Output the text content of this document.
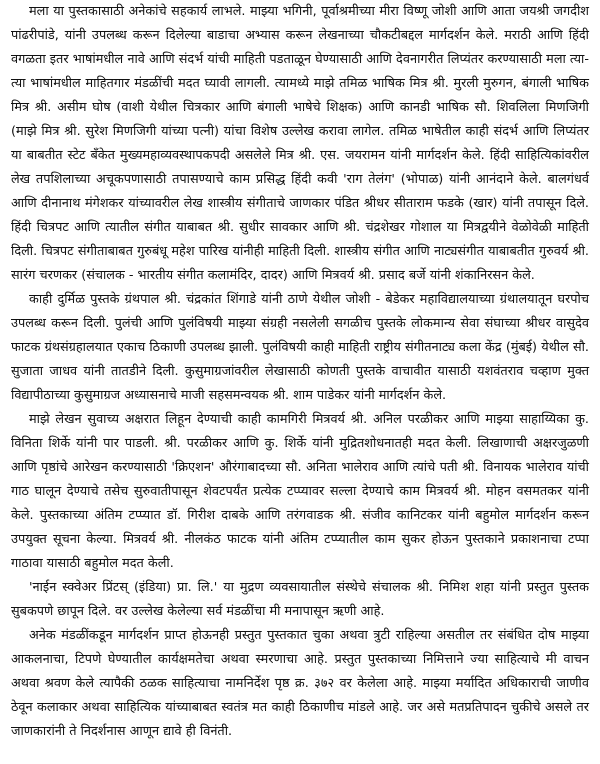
मला या पुस्तकासाठी अनेकांचे सहकार्य लाभले. माझ्या भगिनी, पूर्वाश्रमीच्या मीरा विष्णू जोशी आणि आता जयश्री जगदीश पांढरीपांडे, यांनी उपलब्ध करून दिलेल्या बाडाचा अभ्यास करून लेखनाच्या चौकटीबद्दल मार्गदर्शन केले. मराठी आणि हिंदी वगळता इतर भाषांमधील नावे आणि संदर्भ यांची माहिती पडताळून घेण्यासाठी आणि देवनागरीत लिप्यंतर करण्यासाठी मला त्या-त्या भाषांमधील माहितगार मंडळींची मदत घ्यावी लागली. त्यामध्ये माझे तमिळ भाषिक मित्र श्री. मुरली मुरुगन, बंगाली भाषिक मित्र श्री. असीम घोष (वाशी येथील चित्रकार आणि बंगाली भाषेचे शिक्षक) आणि कानडी भाषिक सौ. शिवलिला मिणजिगी (माझे मित्र श्री. सुरेश मिणजिगी यांच्या पत्नी) यांचा विशेष उल्लेख करावा लागेल. तमिळ भाषेतील काही संदर्भ आणि लिप्यंतर या बाबतीत स्टेट बँकेत मुख्यमहाव्यवस्थापकपदी असलेले मित्र श्री. एस. जयरामन यांनी मार्गदर्शन केले. हिंदी साहित्यिकांवरील लेख तपशिलाच्या अचूकपणासाठी तपासण्याचे काम प्रसिद्ध हिंदी कवी 'राग तेलंग' (भोपाळ) यांनी आनंदाने केले. बालगंधर्व आणि दीनानाथ मंगेशकर यांच्यावरील लेख शास्त्रीय संगीताचे जाणकार पंडित श्रीधर सीताराम फडके (खार) यांनी तपासून दिले. हिंदी चित्रपट आणि त्यातील संगीत याबाबत श्री. सुधीर सावकार आणि श्री. चंद्रशेखर गोशाल या मित्रद्वयीने वेळोवेळी माहिती दिली. चित्रपट संगीताबाबत गुरुबंधू महेश पारिख यांनीही माहिती दिली. शास्त्रीय संगीत आणि नाट्यसंगीत याबाबतीत गुरुवर्य श्री. सारंग चरणकर (संचालक - भारतीय संगीत कलामंदिर, दादर) आणि मित्रवर्य श्री. प्रसाद बर्जे यांनी शंकानिरसन केले.

काही दुर्मिळ पुस्तके ग्रंथपाल श्री. चंद्रकांत शिंगाडे यांनी ठाणे येथील जोशी - बेडेकर महाविद्यालयाच्या ग्रंथालयातून घरपोच उपलब्ध करून दिली. पुलंची आणि पुलंविषयी माझ्या संग्रही नसलेली सगळीच पुस्तके लोकमान्य सेवा संघाच्या श्रीधर वासुदेव फाटक ग्रंथसंग्रहालयात एकाच ठिकाणी उपलब्ध झाली. पुलंविषयी काही माहिती राष्ट्रीय संगीतनाट्य कला केंद्र (मुंबई) येथील सौ. सुजाता जाधव यांनी तातडीने दिली. कुसुमाग्रजांवरील लेखासाठी कोणती पुस्तके वाचावीत यासाठी यशवंतराव चव्हाण मुक्त विद्यापीठाच्या कुसुमाग्रज अध्यासनाचे माजी सहसमन्वयक श्री. शाम पाडेकर यांनी मार्गदर्शन केले.

माझे लेखन सुवाच्य अक्षरात लिहून देण्याची काही कामगिरी मित्रवर्य श्री. अनिल परळीकर आणि माझ्या साहाय्यिका कु. विनिता शिर्के यांनी पार पाडली. श्री. परळीकर आणि कु. शिर्के यांनी मुद्रितशोधनातही मदत केली. लिखाणाची अक्षरजुळणी आणि पृष्ठांचे आरेखन करण्यासाठी 'क्रिएशन' औरंगाबादच्या सौ. अनिता भालेराव आणि त्यांचे पती श्री. विनायक भालेराव यांची गाठ घालून देण्याचे तसेच सुरुवातीपासून शेवटपर्यंत प्रत्येक टप्प्यावर सल्ला देण्याचे काम मित्रवर्य श्री. मोहन वसमतकर यांनी केले. पुस्तकाच्या अंतिम टप्प्यात डॉ. गिरीश दाबके आणि तरंगवाडक श्री. संजीव कानिटकर यांनी बहुमोल मार्गदर्शन करून उपयुक्त सूचना केल्या. मित्रवर्य श्री. नीलकंठ फाटक यांनी अंतिम टप्प्यातील काम सुकर होऊन पुस्तकाने प्रकाशनाचा टप्पा गाठावा यासाठी बहुमोल मदत केली.

'नाईन स्क्वेअर प्रिंटस् (इंडिया) प्रा. लि.' या मुद्रण व्यवसायातील संस्थेचे संचालक श्री. निमिश शहा यांनी प्रस्तुत पुस्तक सुबकपणे छापून दिले. वर उल्लेख केलेल्या सर्व मंडळींचा मी मनापासून ऋणी आहे.

अनेक मंडळींकडून मार्गदर्शन प्राप्त होऊनही प्रस्तुत पुस्तकात चुका अथवा त्रुटी राहिल्या असतील तर संबंधित दोष माझ्या आकलनाचा, टिपणे घेण्यातील कार्यक्षमतेचा अथवा स्मरणाचा आहे. प्रस्तुत पुस्तकाच्या निमित्ताने ज्या साहित्याचे मी वाचन अथवा श्रवण केले त्यापैकी ठळक साहित्याचा नामनिर्देश पृष्ठ क्र. ३७२ वर केलेला आहे. माझ्या मर्यादित अधिकाराची जाणीव ठेवून कलाकार अथवा साहित्यिक यांच्याबाबत स्वतंत्र मत काही ठिकाणीच मांडले आहे. जर असे मतप्रतिपादन चुकीचे असले तर जाणकारांनी ते निदर्शनास आणून द्यावे ही विनंती.
